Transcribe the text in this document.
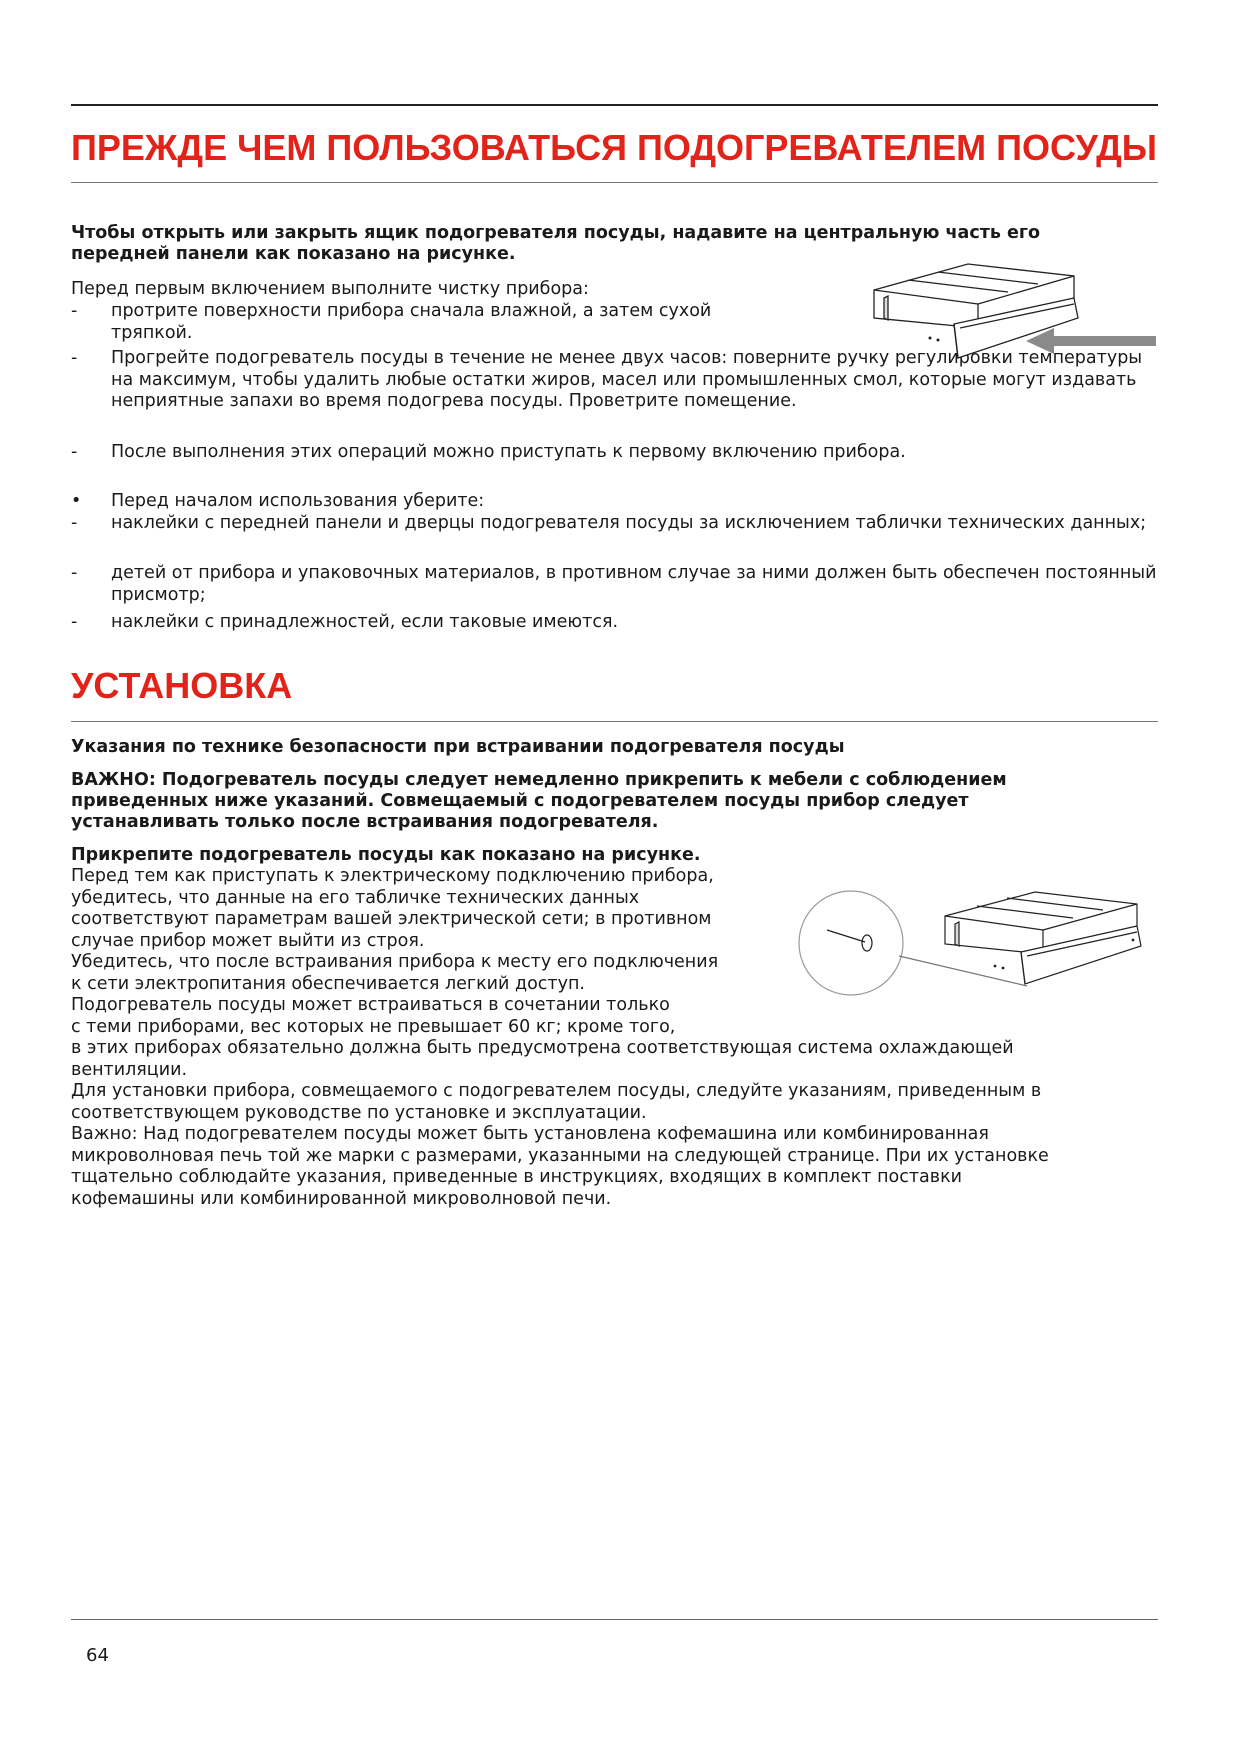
ПРЕЖДЕ ЧЕМ ПОЛЬЗОВАТЬСЯ ПОДОГРЕВАТЕЛЕМ ПОСУДЫ

Чтобы открыть или закрыть ящик подогревателя посуды, надавите на центральную часть его передней панели как показано на рисунке.

Перед первым включением выполните чистку прибора:

-	протрите поверхности прибора сначала влажной, а затем сухой тряпкой.
-	Прогрейте подогреватель посуды в течение не менее двух часов: поверните ручку регулировки температуры на максимум, чтобы удалить любые остатки жиров, масел или промышленных смол, которые могут издавать неприятные запахи во время подогрева посуды. Проветрите помещение.
-	После выполнения этих операций можно приступать к первому включению прибора.
•	Перед началом использования уберите:
-	наклейки с передней панели и дверцы подогревателя посуды за исключением таблички технических данных;
-	детей от прибора и упаковочных материалов, в противном случае за ними должен быть обеспечен постоянный присмотр;
-	наклейки с принадлежностей, если таковые имеются.
УСТАНОВКА

Указания по технике безопасности при встраивании подогревателя посуды

ВАЖНО: Подогреватель посуды следует немедленно прикрепить к мебели с соблюдением приведенных ниже указаний. Совмещаемый с подогревателем посуды прибор следует устанавливать только после встраивания подогревателя.

Прикрепите подогреватель посуды как показано на рисунке.

Перед тем как приступать к электрическому подключению прибора,
убедитесь, что данные на его табличке технических данных
соответствуют параметрам вашей электрической сети; в противном
случае прибор может выйти из строя.
Убедитесь, что после встраивания прибора к месту его подключения
к сети электропитания обеспечивается легкий доступ.
Подогреватель посуды может встраиваться в сочетании только
с теми приборами, вес которых не превышает 60 кг; кроме того,
в этих приборах обязательно должна быть предусмотрена соответствующая система охлаждающей
вентиляции.
Для установки прибора, совмещаемого с подогревателем посуды, следуйте указаниям, приведенным в
соответствующем руководстве по установке и эксплуатации.
Важно: Над подогревателем посуды может быть установлена кофемашина или комбинированная
микроволновая печь той же марки с размерами, указанными на следующей странице. При их установке
тщательно соблюдайте указания, приведенные в инструкциях, входящих в комплект поставки
кофемашины или комбинированной микроволновой печи.
64
